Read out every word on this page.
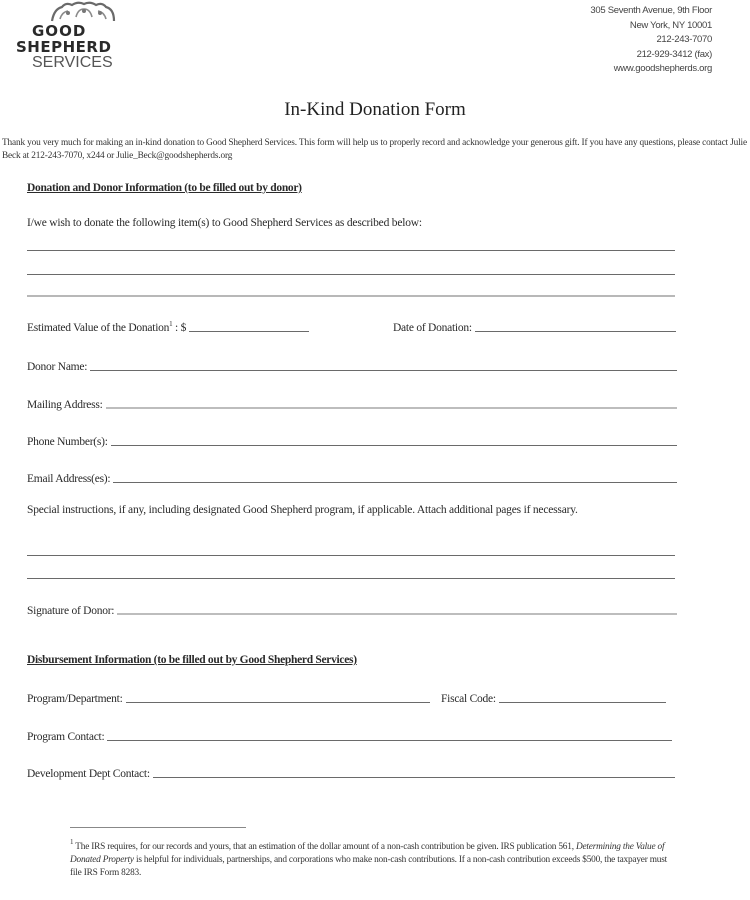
GOOD
SHEPHERD
SERVICES
305 Seventh Avenue, 9th Floor
New York, NY 10001
212-243-7070
212-929-3412 (fax)
www.goodshepherds.org
In-Kind Donation Form
Thank you very much for making an in-kind donation to Good Shepherd Services. This form will help us to properly record and acknowledge your generous gift. If you have any questions, please contact Julie Beck at 212-243-7070, x244 or Julie_Beck@goodshepherds.org
Donation and Donor Information (to be filled out by donor)
I/we wish to donate the following item(s) to Good Shepherd Services as described below:
Estimated Value of the Donation$^1$ : $	Date of Donation:
Donor Name:
Mailing Address:
Phone Number(s):
Email Address(es):
Special instructions, if any, including designated Good Shepherd program, if applicable. Attach additional pages if necessary.
Signature of Donor:
Disbursement Information (to be filled out by Good Shepherd Services)
Program/Department:	Fiscal Code:
Program Contact:
Development Dept Contact:
$^1$ The IRS requires, for our records and yours, that an estimation of the dollar amount of a non-cash contribution be given. IRS publication 561, Determining the Value of Donated Property is helpful for individuals, partnerships, and corporations who make non-cash contributions. If a non-cash contribution exceeds $500, the taxpayer must file IRS Form 8283.
